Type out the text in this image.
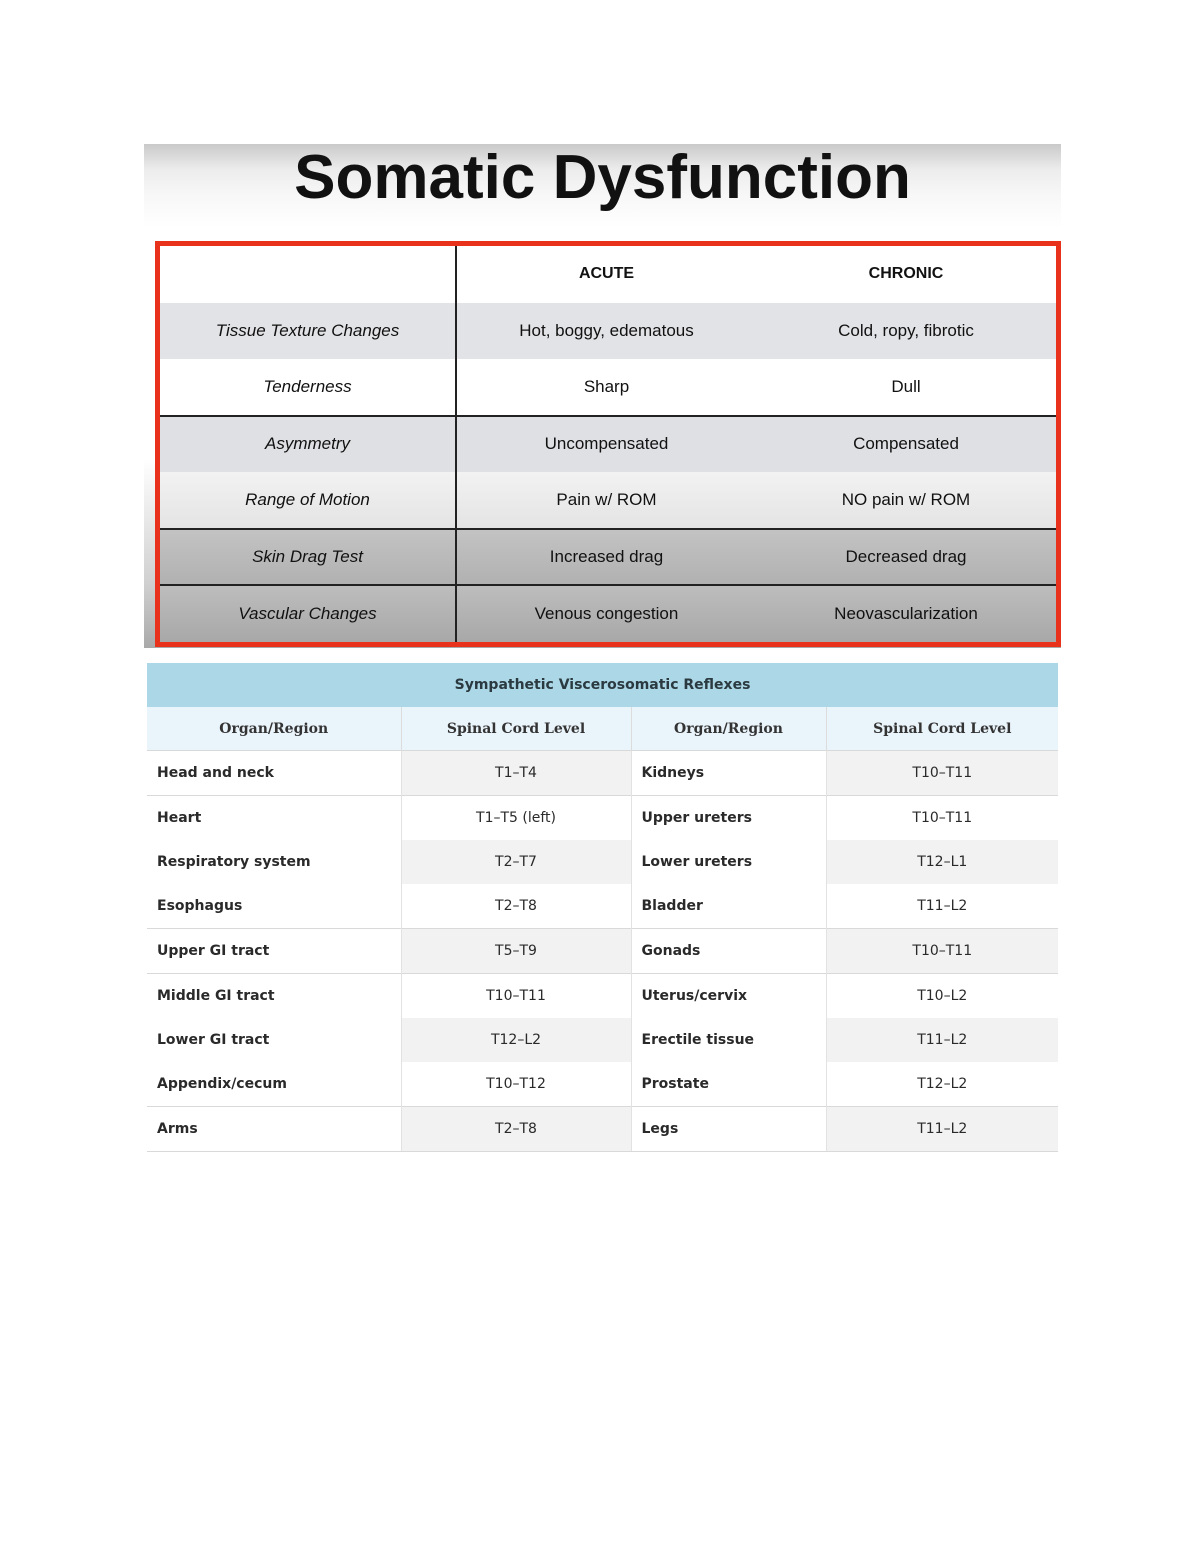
Somatic Dysfunction
	ACUTE	CHRONIC
Tissue Texture Changes	Hot, boggy, edematous	Cold, ropy, fibrotic
Tenderness	Sharp	Dull
Asymmetry	Uncompensated	Compensated
Range of Motion	Pain w/ ROM	NO pain w/ ROM
Skin Drag Test	Increased drag	Decreased drag
Vascular Changes	Venous congestion	Neovascularization
Sympathetic Viscerosomatic Reflexes			
Organ/Region	Spinal Cord Level	Organ/Region	Spinal Cord Level
Head and neck	T1–T4	Kidneys	T10–T11
Heart	T1–T5 (left)	Upper ureters	T10–T11
Respiratory system	T2–T7	Lower ureters	T12–L1
Esophagus	T2–T8	Bladder	T11–L2
Upper GI tract	T5–T9	Gonads	T10–T11
Middle GI tract	T10–T11	Uterus/cervix	T10–L2
Lower GI tract	T12–L2	Erectile tissue	T11–L2
Appendix/cecum	T10–T12	Prostate	T12–L2
Arms	T2–T8	Legs	T11–L2
